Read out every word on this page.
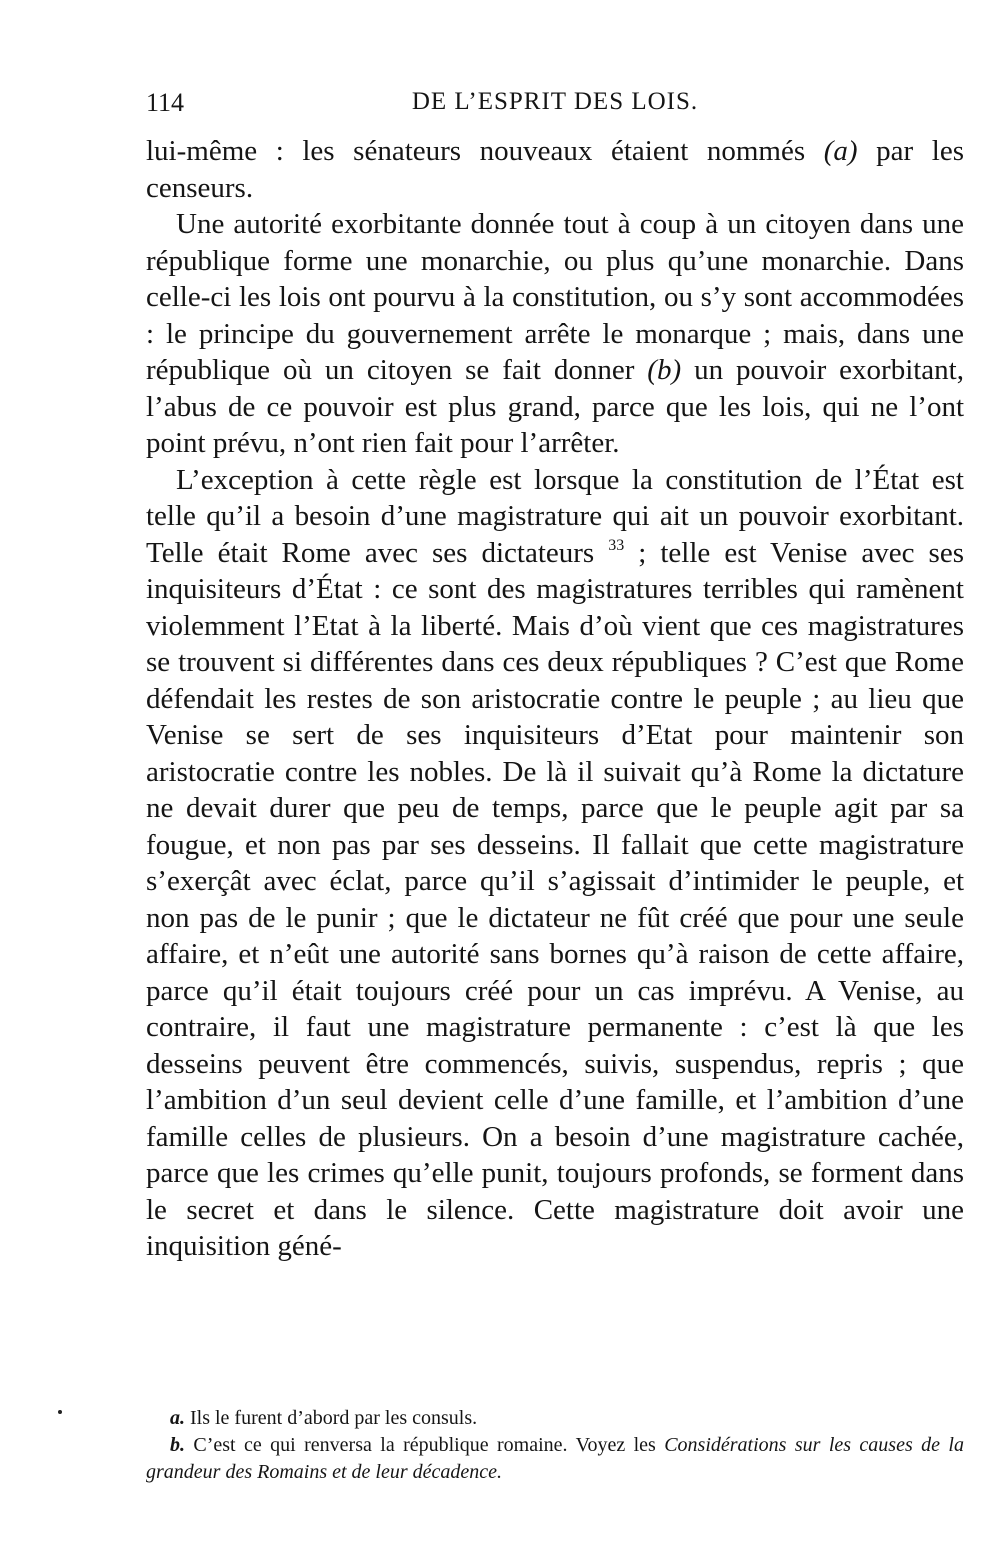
114	DE L’ESPRIT DES LOIS.

lui-même : les sénateurs nouveaux étaient nommés (a) par les censeurs.

Une autorité exorbitante donnée tout à coup à un citoyen dans une république forme une monarchie, ou plus qu’une monarchie. Dans celle-ci les lois ont pourvu à la constitution, ou s’y sont accommodées : le principe du gouvernement arrête le monarque ; mais, dans une république où un citoyen se fait donner (b) un pouvoir exorbitant, l’abus de ce pouvoir est plus grand, parce que les lois, qui ne l’ont point prévu, n’ont rien fait pour l’arrêter.

L’exception à cette règle est lorsque la constitution de l’État est telle qu’il a besoin d’une magistrature qui ait un pouvoir exorbitant. Telle était Rome avec ses dictateurs $^{33}$ ; telle est Venise avec ses inquisiteurs d’État : ce sont des magistratures terribles qui ramènent violemment l’Etat à la liberté. Mais d’où vient que ces magistratures se trouvent si différentes dans ces deux républiques ? C’est que Rome défendait les restes de son aristocratie contre le peuple ; au lieu que Venise se sert de ses inquisiteurs d’Etat pour maintenir son aristocratie contre les nobles. De là il suivait qu’à Rome la dictature ne devait durer que peu de temps, parce que le peuple agit par sa fougue, et non pas par ses desseins. Il fallait que cette magistrature s’exerçât avec éclat, parce qu’il s’agissait d’intimider le peuple, et non pas de le punir ; que le dictateur ne fût créé que pour une seule affaire, et n’eût une autorité sans bornes qu’à raison de cette affaire, parce qu’il était toujours créé pour un cas imprévu. A Venise, au contraire, il faut une magistrature permanente : c’est là que les desseins peuvent être commencés, suivis, suspendus, repris ; que l’ambition d’un seul devient celle d’une famille, et l’ambition d’une famille celles de plusieurs. On a besoin d’une magistrature cachée, parce que les crimes qu’elle punit, toujours profonds, se forment dans le secret et dans le silence. Cette magistrature doit avoir une inquisition géné-

a. Ils le furent d’abord par les consuls.

b. C’est ce qui renversa la république romaine. Voyez les Considérations sur les causes de la grandeur des Romains et de leur décadence.
